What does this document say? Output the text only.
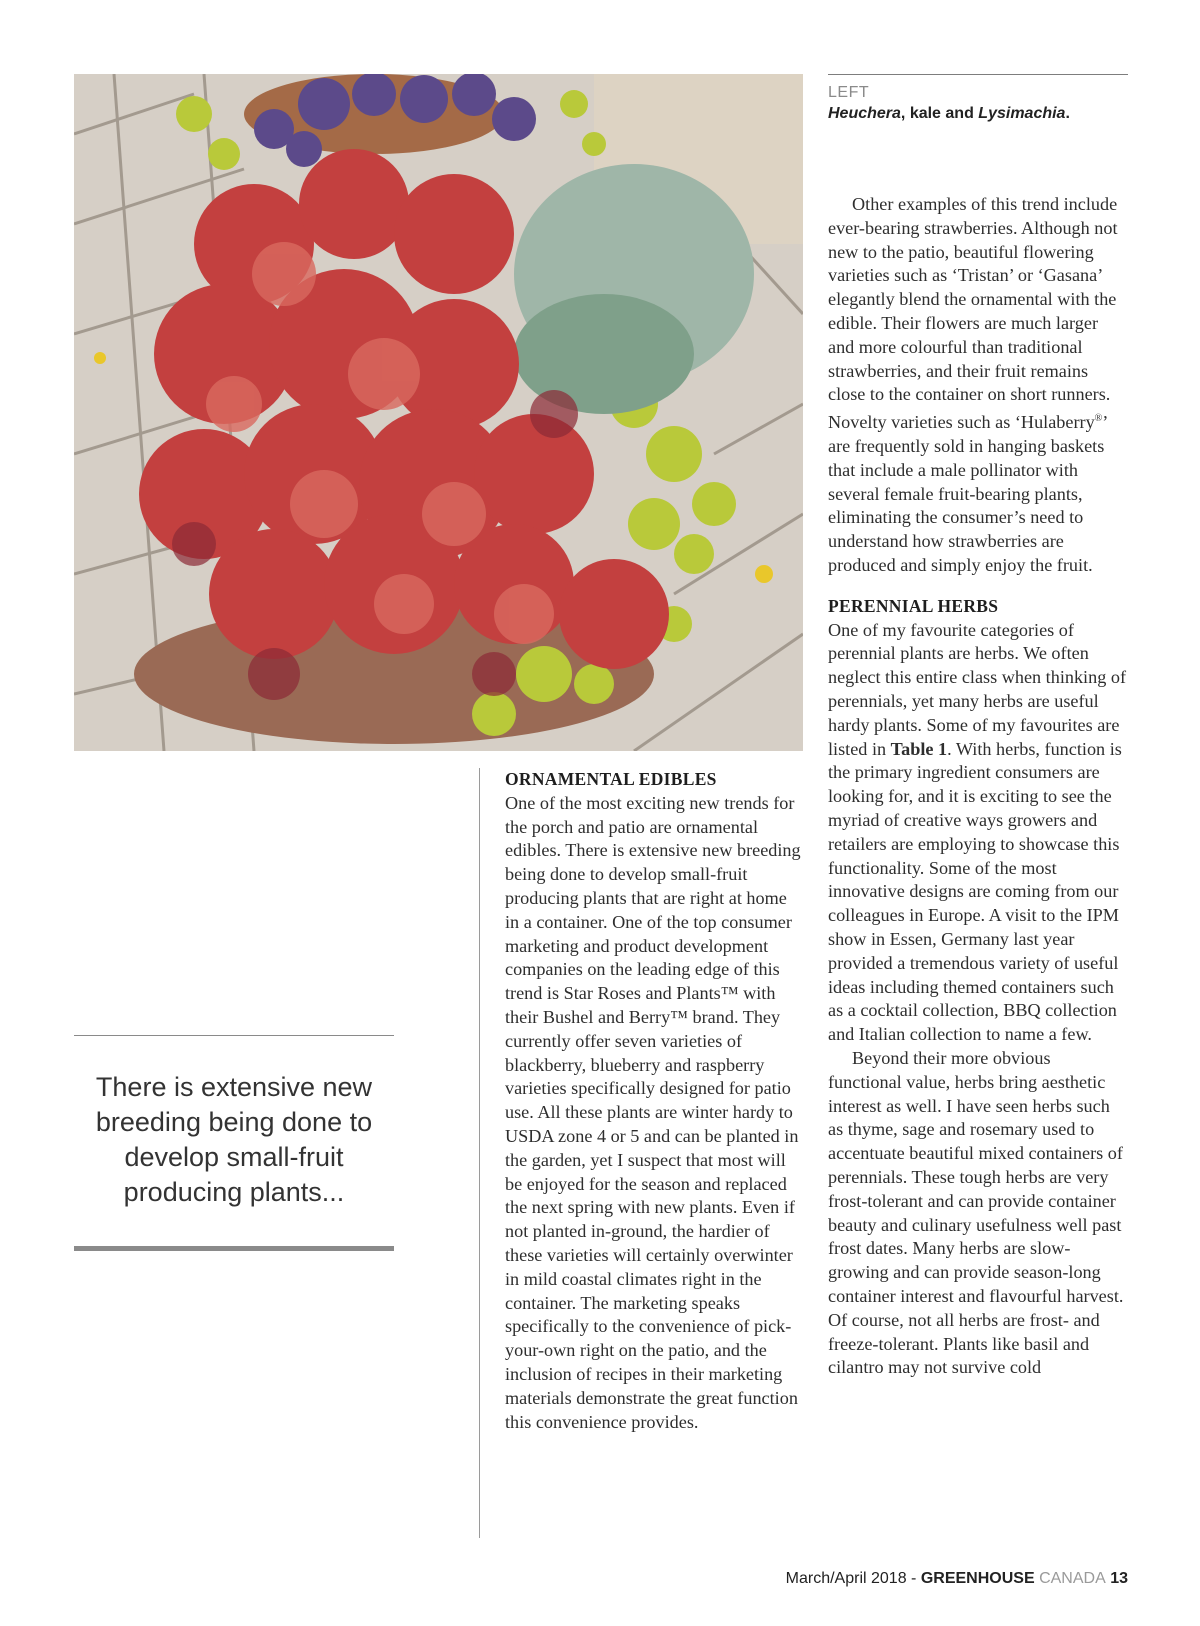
LEFT
Heuchera, kale and Lysimachia.

Other examples of this trend include ever-bearing strawberries. Although not new to the patio, beautiful flowering varieties such as ‘Tristan’ or ‘Gasana’ elegantly blend the ornamental with the edible. Their flowers are much larger and more colourful than traditional strawberries, and their fruit remains close to the container on short runners. Novelty varieties such as ‘Hulaberry®’ are frequently sold in hanging baskets that include a male pollinator with several female fruit-bearing plants, eliminating the consumer’s need to understand how strawberries are produced and simply enjoy the fruit.

PERENNIAL HERBS

One of my favourite categories of perennial plants are herbs. We often neglect this entire class when thinking of perennials, yet many herbs are useful hardy plants. Some of my favourites are listed in Table 1. With herbs, function is the primary ingredient consumers are looking for, and it is exciting to see the myriad of creative ways growers and retailers are employing to showcase this functionality. Some of the most innovative designs are coming from our colleagues in Europe. A visit to the IPM show in Essen, Germany last year provided a tremendous variety of useful ideas including themed containers such as a cocktail collection, BBQ collection and Italian collection to name a few.

Beyond their more obvious functional value, herbs bring aesthetic interest as well. I have seen herbs such as thyme, sage and rosemary used to accentuate beautiful mixed containers of perennials. These tough herbs are very frost-tolerant and can provide container beauty and culinary usefulness well past frost dates. Many herbs are slow-growing and can provide season-long container interest and flavourful harvest. Of course, not all herbs are frost- and freeze-tolerant. Plants like basil and cilantro may not survive cold

ORNAMENTAL EDIBLES

One of the most exciting new trends for the porch and patio are ornamental edibles. There is extensive new breeding being done to develop small-fruit producing plants that are right at home in a container. One of the top consumer marketing and product development companies on the leading edge of this trend is Star Roses and Plants™ with their Bushel and Berry™ brand. They currently offer seven varieties of blackberry, blueberry and raspberry varieties specifically designed for patio use. All these plants are winter hardy to USDA zone 4 or 5 and can be planted in the garden, yet I suspect that most will be enjoyed for the season and replaced the next spring with new plants. Even if not planted in-ground, the hardier of these varieties will certainly overwinter in mild coastal climates right in the container. The marketing speaks specifically to the convenience of pick-your-own right on the patio, and the inclusion of recipes in their marketing materials demonstrate the great function this convenience provides.

There is extensive new breeding being done to develop small-fruit producing plants...
March/April 2018 - GREENHOUSE CANADA 13
